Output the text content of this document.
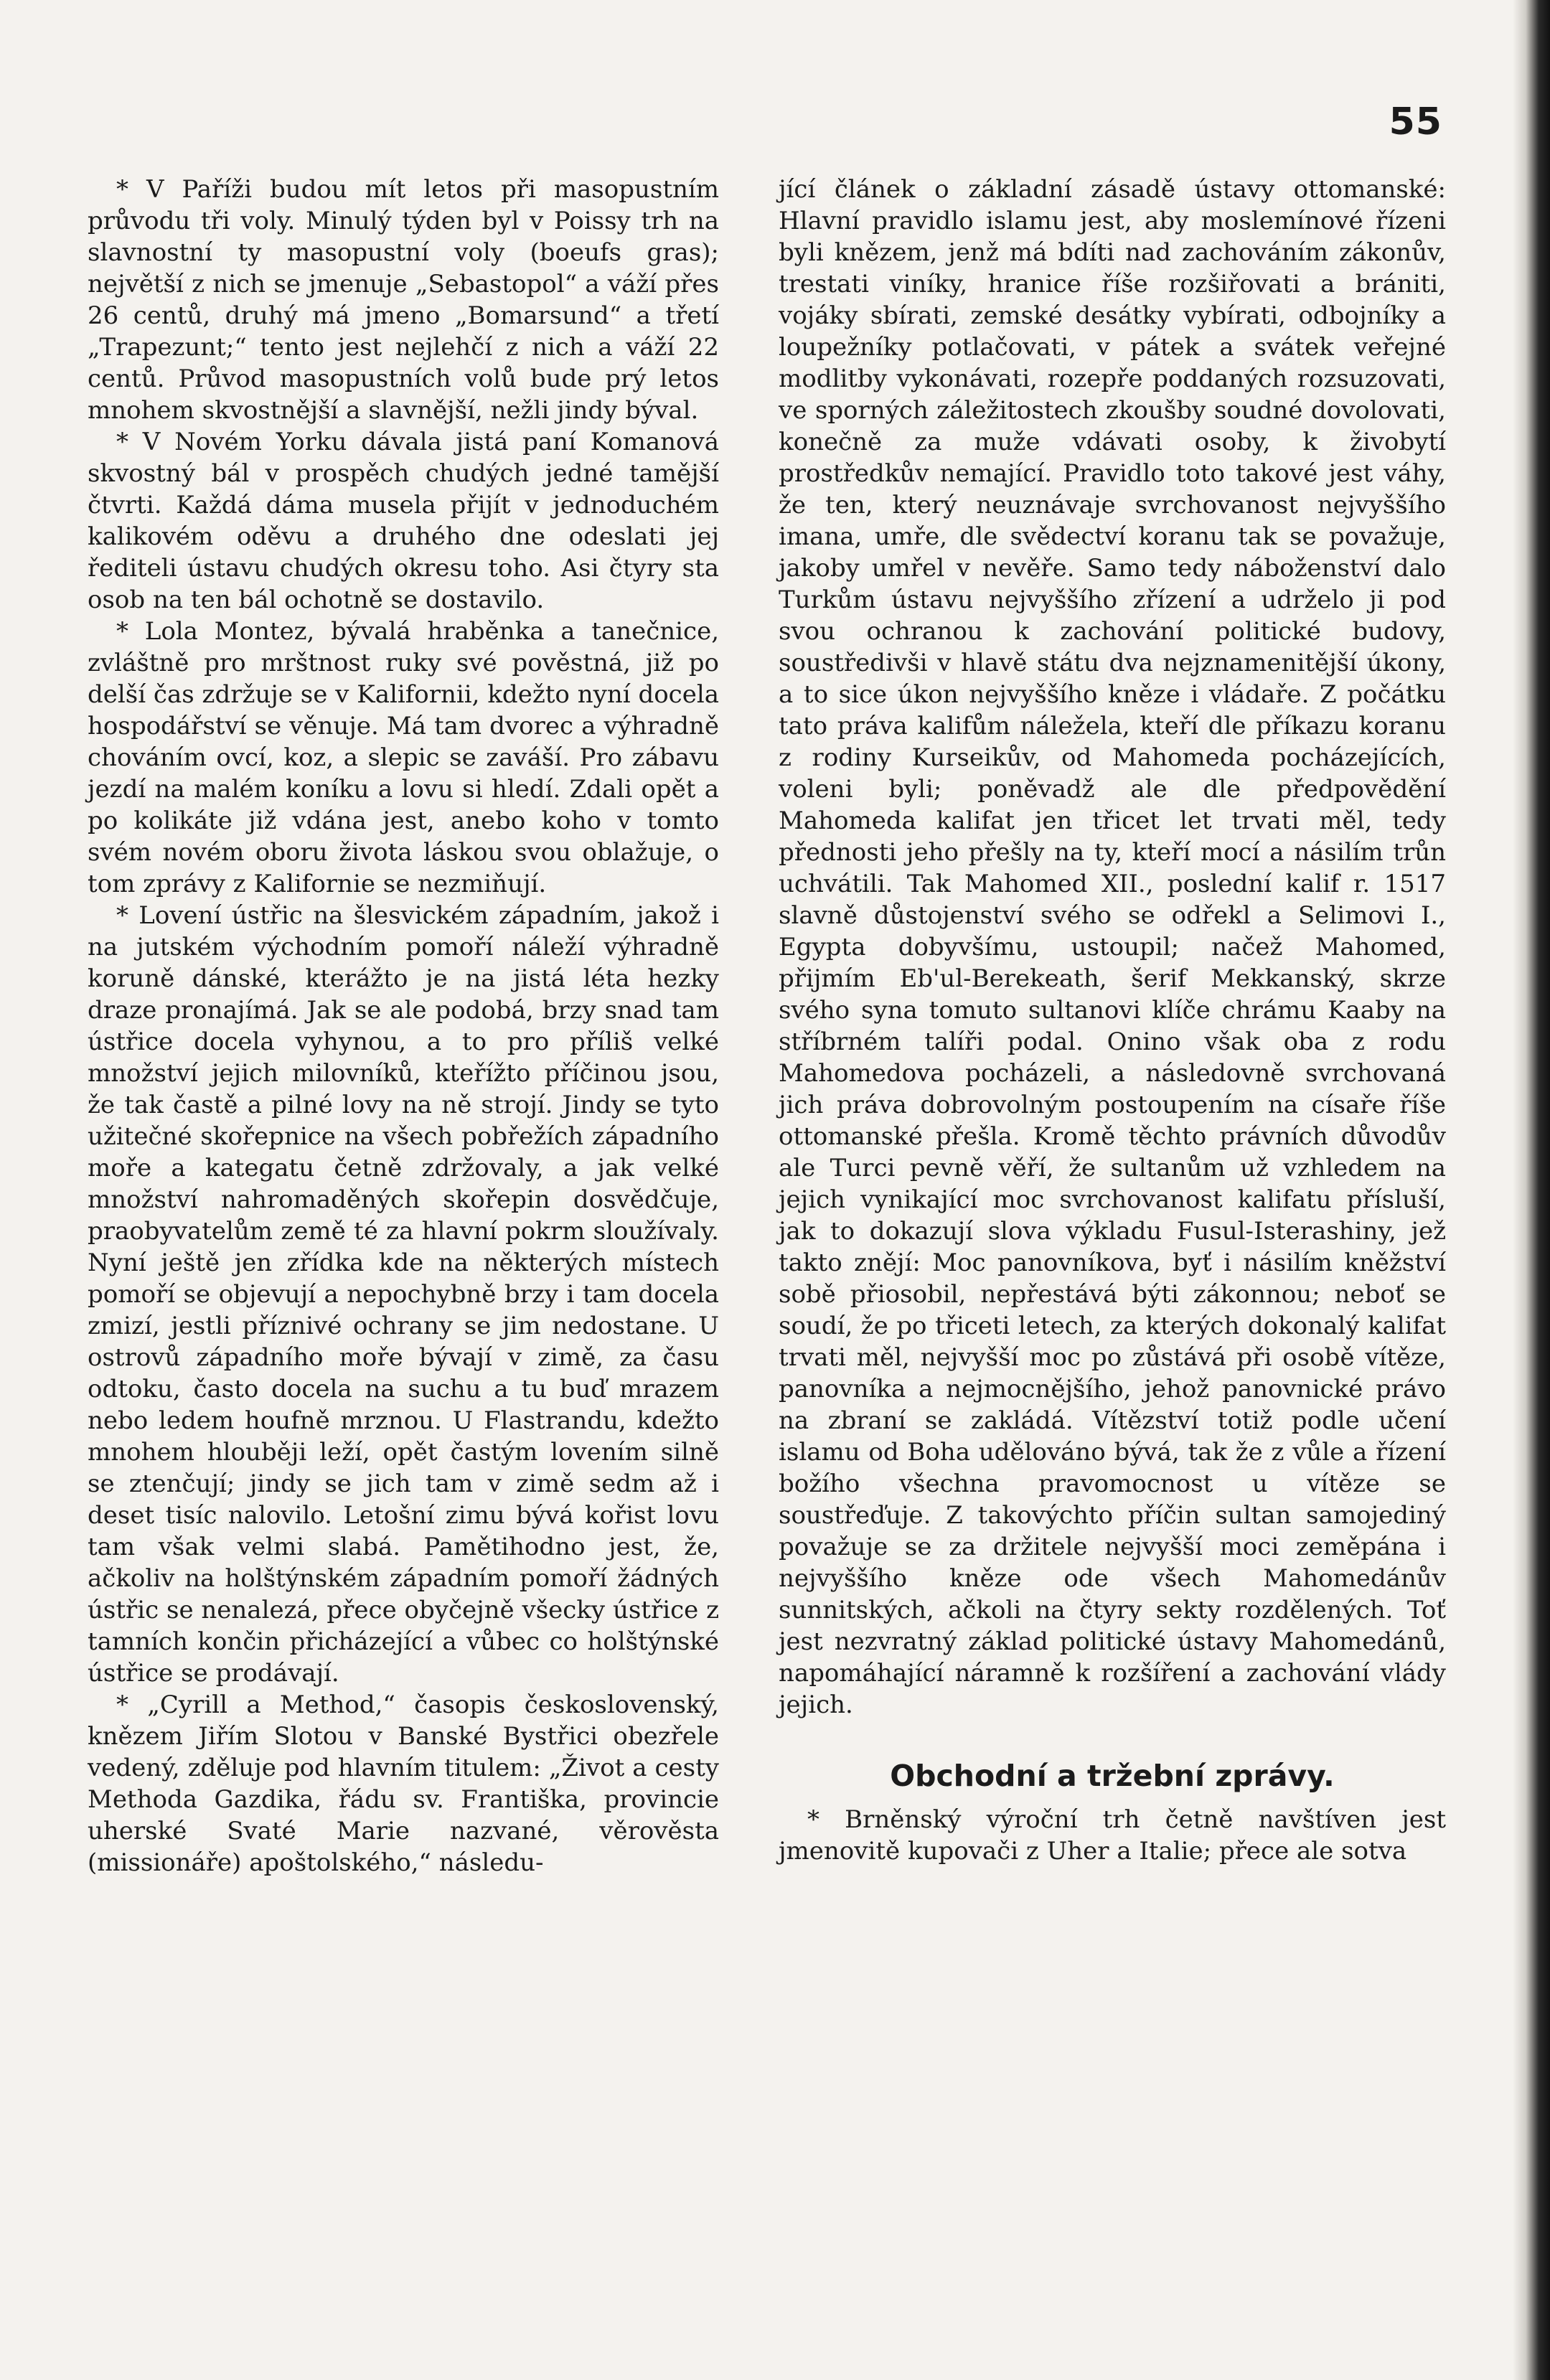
55

* V Paříži budou mít letos při masopustním průvodu tři voly. Minulý týden byl v Poissy trh na slavnostní ty masopustní voly (boeufs gras); největší z nich se jmenuje „Sebastopol“ a váží přes 26 centů, druhý má jmeno „Bomarsund“ a třetí „Trapezunt;“ tento jest nejlehčí z nich a váží 22 centů. Průvod masopustních volů bude prý letos mnohem skvostnější a slavnější, nežli jindy býval.

* V Novém Yorku dávala jistá paní Komanová skvostný bál v prospěch chudých jedné tamější čtvrti. Každá dáma musela přijít v jednoduchém kalikovém oděvu a druhého dne odeslati jej řediteli ústavu chudých okresu toho. Asi čtyry sta osob na ten bál ochotně se dostavilo.

* Lola Montez, bývalá hraběnka a tanečnice, zvláštně pro mrštnost ruky své pověstná, již po delší čas zdržuje se v Kalifornii, kdežto nyní docela hospodářství se věnuje. Má tam dvorec a výhradně chováním ovcí, koz, a slepic se zaváší. Pro zábavu jezdí na malém koníku a lovu si hledí. Zdali opět a po kolikáte již vdána jest, anebo koho v tomto svém novém oboru života láskou svou oblažuje, o tom zprávy z Kalifornie se nezmiňují.

* Lovení ústřic na šlesvickém západním, jakož i na jutském východním pomoří náleží výhradně koruně dánské, kterážto je na jistá léta hezky draze pronajímá. Jak se ale podobá, brzy snad tam ústřice docela vyhynou, a to pro příliš velké množství jejich milovníků, kteřížto příčinou jsou, že tak častě a pilné lovy na ně strojí. Jindy se tyto užitečné skořepnice na všech pobřežích západního moře a kategatu četně zdržovaly, a jak velké množství nahromaděných skořepin dosvědčuje, praobyvatelům země té za hlavní pokrm sloužívaly. Nyní ještě jen zřídka kde na některých místech pomoří se objevují a nepochybně brzy i tam docela zmizí, jestli příznivé ochrany se jim nedostane. U ostrovů západního moře bývají v zimě, za času odtoku, často docela na suchu a tu buď mrazem nebo ledem houfně mrznou. U Flastrandu, kdežto mnohem hlouběji leží, opět častým lovením silně se ztenčují; jindy se jich tam v zimě sedm až i deset tisíc nalovilo. Letošní zimu bývá kořist lovu tam však velmi slabá. Pamětihodno jest, že, ačkoliv na holštýnském západním pomoří žádných ústřic se nenalezá, přece obyčejně všecky ústřice z tamních končin přicházející a vůbec co holštýnské ústřice se prodávají.

* „Cyrill a Method,“ časopis československý, knězem Jiřím Slotou v Banské Bystřici obezřele vedený, zděluje pod hlavním titulem: „Život a cesty Methoda Gazdika, řádu sv. Františka, provincie uherské Svaté Marie nazvané, věrověsta (missionáře) apoštolského,“ následu-

jící článek o základní zásadě ústavy ottomanské: Hlavní pravidlo islamu jest, aby moslemínové řízeni byli knězem, jenž má bdíti nad zachováním zákonův, trestati viníky, hranice říše rozšiřovati a brániti, vojáky sbírati, zemské desátky vybírati, odbojníky a loupežníky potlačovati, v pátek a svátek veřejné modlitby vykonávati, rozepře poddaných rozsuzovati, ve sporných záležitostech zkoušby soudné dovolovati, konečně za muže vdávati osoby, k živobytí prostředkův nemající. Pravidlo toto takové jest váhy, že ten, který neuznávaje svrchovanost nejvyššího imana, umře, dle svědectví koranu tak se považuje, jakoby umřel v nevěře. Samo tedy náboženství dalo Turkům ústavu nejvyššího zřízení a udrželo ji pod svou ochranou k zachování politické budovy, soustředivši v hlavě státu dva nejznamenitější úkony, a to sice úkon nejvyššího kněze i vládaře. Z počátku tato práva kalifům náležela, kteří dle příkazu koranu z rodiny Kurseikův, od Mahomeda pocházejících, voleni byli; poněvadž ale dle předpovědění Mahomeda kalifat jen třicet let trvati měl, tedy přednosti jeho přešly na ty, kteří mocí a násilím trůn uchvátili. Tak Mahomed XII., poslední kalif r. 1517 slavně důstojenství svého se odřekl a Selimovi I., Egypta dobyvšímu, ustoupil; načež Mahomed, přijmím Eb'ul-Berekeath, šerif Mekkanský, skrze svého syna tomuto sultanovi klíče chrámu Kaaby na stříbrném talíři podal. Onino však oba z rodu Mahomedova pocházeli, a následovně svrchovaná jich práva dobrovolným postoupením na císaře říše ottomanské přešla. Kromě těchto právních důvodův ale Turci pevně věří, že sultanům už vzhledem na jejich vynikající moc svrchovanost kalifatu přísluší, jak to dokazují slova výkladu Fusul-Isterashiny, jež takto znějí: Moc panovníkova, byť i násilím kněžství sobě přiosobil, nepřestává býti zákonnou; neboť se soudí, že po třiceti letech, za kterých dokonalý kalifat trvati měl, nejvyšší moc po zůstává při osobě vítěze, panovníka a nejmocnějšího, jehož panovnické právo na zbraní se zakládá. Vítězství totiž podle učení islamu od Boha udělováno bývá, tak že z vůle a řízení božího všechna pravomocnost u vítěze se soustřeďuje. Z takovýchto příčin sultan samojediný považuje se za držitele nejvyšší moci zeměpána i nejvyššího kněze ode všech Mahomedánův sunnitských, ačkoli na čtyry sekty rozdělených. Toť jest nezvratný základ politické ústavy Mahomedánů, napomáhající náramně k rozšíření a zachování vlády jejich.

Obchodní a tržební zprávy.

* Brněnský výroční trh četně navštíven jest jmenovitě kupovači z Uher a Italie; přece ale sotva
